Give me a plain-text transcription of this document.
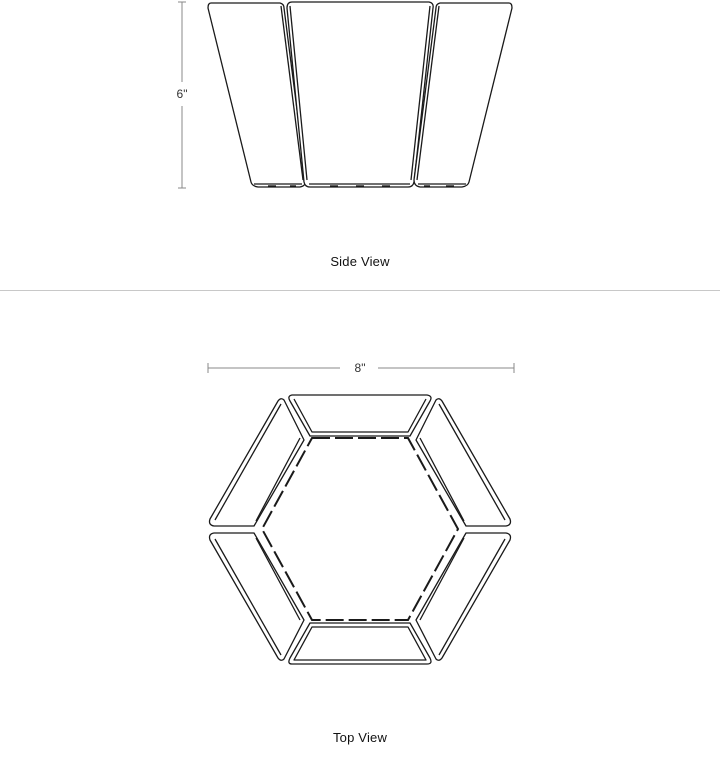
6"
Side View
8"
Top View
